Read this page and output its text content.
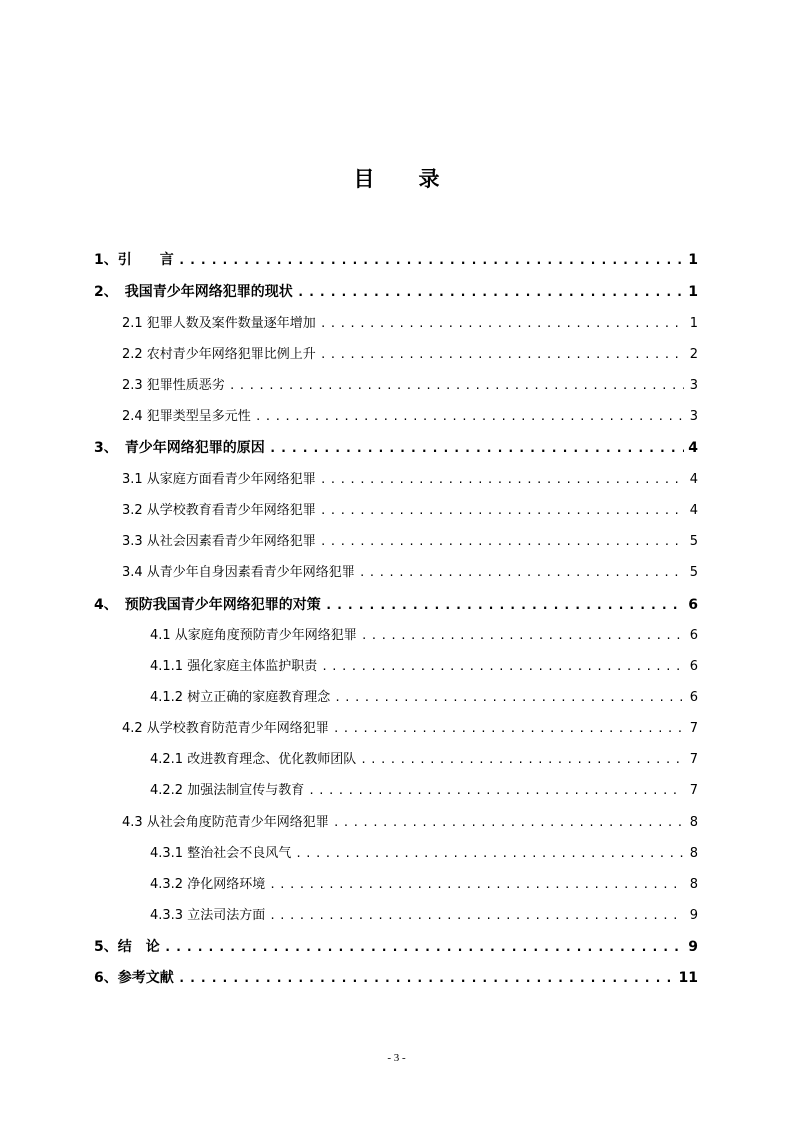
目 录
1、引　　言 .....	1
2、　我国青少年网络犯罪的现状 .....	1
2.1 犯罪人数及案件数量逐年增加 .....	1
2.2 农村青少年网络犯罪比例上升 .....	2
2.3 犯罪性质恶劣 .....	3
2.4 犯罪类型呈多元性 .....	3
3、　青少年网络犯罪的原因 .....	4
3.1 从家庭方面看青少年网络犯罪 .....	4
3.2 从学校教育看青少年网络犯罪 .....	4
3.3 从社会因素看青少年网络犯罪 .....	5
3.4 从青少年自身因素看青少年网络犯罪 .....	5
4、　预防我国青少年网络犯罪的对策 .....	6
4.1 从家庭角度预防青少年网络犯罪 .....	6
4.1.1 强化家庭主体监护职责 .....	6
4.1.2 树立正确的家庭教育理念 .....	6
4.2 从学校教育防范青少年网络犯罪 .....	7
4.2.1 改进教育理念、优化教师团队 .....	7
4.2.2 加强法制宣传与教育 .....	7
4.3 从社会角度防范青少年网络犯罪 .....	8
4.3.1 整治社会不良风气 .....	8
4.3.2 净化网络环境 .....	8
4.3.3 立法司法方面 .....	9
5、结　论 .....	9
6、参考文献 .....	11
- 3 -
